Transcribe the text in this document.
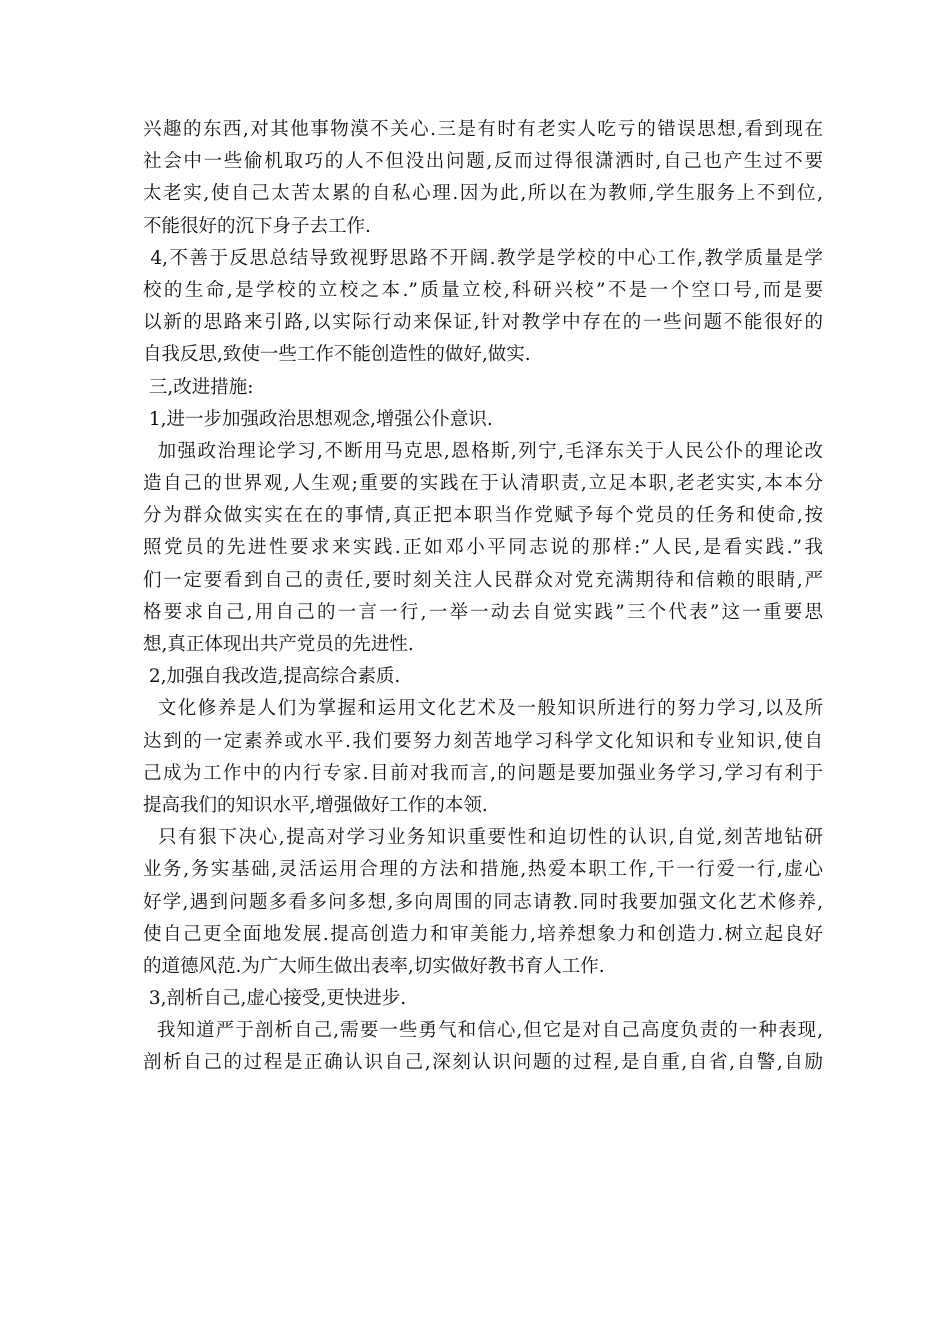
兴趣的东西,对其他事物漠不关心.三是有时有老实人吃亏的错误思想,看到现在
社会中一些偷机取巧的人不但没出问题,反而过得很潇洒时,自己也产生过不要
太老实,使自己太苦太累的自私心理.因为此,所以在为教师,学生服务上不到位,
不能很好的沉下身子去工作.
4,不善于反思总结导致视野思路不开阔.教学是学校的中心工作,教学质量是学
校的生命,是学校的立校之本.”质量立校,科研兴校”不是一个空口号,而是要
以新的思路来引路,以实际行动来保证,针对教学中存在的一些问题不能很好的
自我反思,致使一些工作不能创造性的做好,做实.
三,改进措施:
1,进一步加强政治思想观念,增强公仆意识.
加强政治理论学习,不断用马克思,恩格斯,列宁,毛泽东关于人民公仆的理论改
造自己的世界观,人生观;重要的实践在于认清职责,立足本职,老老实实,本本分
分为群众做实实在在的事情,真正把本职当作党赋予每个党员的任务和使命,按
照党员的先进性要求来实践.正如邓小平同志说的那样:”人民,是看实践.”我
们一定要看到自己的责任,要时刻关注人民群众对党充满期待和信赖的眼睛,严
格要求自己,用自己的一言一行,一举一动去自觉实践”三个代表”这一重要思
想,真正体现出共产党员的先进性.
2,加强自我改造,提高综合素质.
文化修养是人们为掌握和运用文化艺术及一般知识所进行的努力学习,以及所
达到的一定素养或水平.我们要努力刻苦地学习科学文化知识和专业知识,使自
己成为工作中的内行专家.目前对我而言,的问题是要加强业务学习,学习有利于
提高我们的知识水平,增强做好工作的本领.
只有狠下决心,提高对学习业务知识重要性和迫切性的认识,自觉,刻苦地钻研
业务,务实基础,灵活运用合理的方法和措施,热爱本职工作,干一行爱一行,虚心
好学,遇到问题多看多问多想,多向周围的同志请教.同时我要加强文化艺术修养,
使自己更全面地发展.提高创造力和审美能力,培养想象力和创造力.树立起良好
的道德风范.为广大师生做出表率,切实做好教书育人工作.
3,剖析自己,虚心接受,更快进步.
我知道严于剖析自己,需要一些勇气和信心,但它是对自己高度负责的一种表现,
剖析自己的过程是正确认识自己,深刻认识问题的过程,是自重,自省,自警,自励
